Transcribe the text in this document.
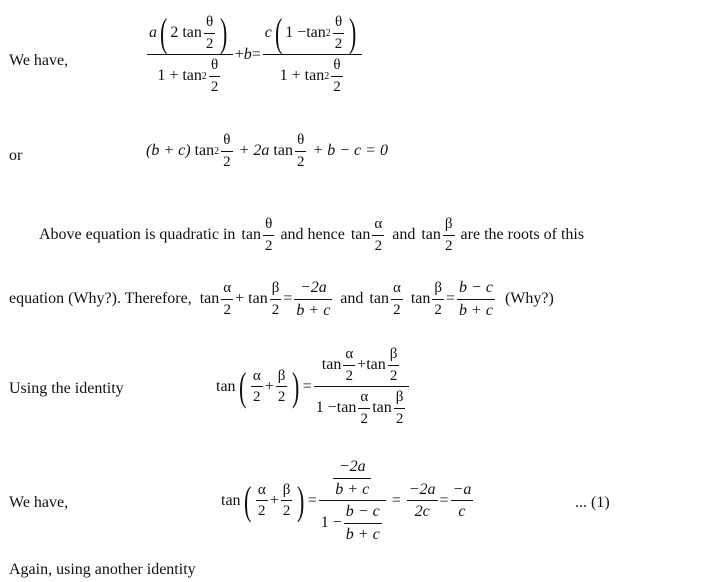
We have,	$\frac{a ( 2 \tan \frac{\theta}{2} )}{1 + \tan^2 \frac{\theta}{2}} + b = \frac{c ( 1 - \tan^2 \frac{\theta}{2} )}{1 + \tan^2 \frac{\theta}{2}}$
or	(b + c) $\tan^2 \frac{\theta}{2} + 2a$ $\tan \frac{\theta}{2} + b - c = 0$
Above equation is quadratic in $\tan \frac{\theta}{2}$ and hence $\tan \frac{\alpha}{2}$ and $\tan \frac{\beta}{2}$ are the roots of this
equation (Why?). Therefore, $\tan \frac{\alpha}{2} + \tan \frac{\beta}{2} = \frac{-2a}{b + c}$ and $\tan \frac{\alpha}{2}$ $\tan \frac{\beta}{2} = \frac{b - c}{b + c}$ (Why?)
Using the identity	tan ( $\frac{\alpha}{2} + \frac{\beta}{2}$ ) = $\frac{\tan \frac{\alpha}{2} + \tan \frac{\beta}{2}}{1 - \tan \frac{\alpha}{2} \tan \frac{\beta}{2}}$
We have,	tan ( $\frac{\alpha}{2} + \frac{\beta}{2}$ ) = $\frac{\frac{-2a}{b + c}}{1 - \frac{b - c}{b + c}} = \frac{-2a}{2c} = \frac{-a}{c}$	... (1)
Again, using another identity
